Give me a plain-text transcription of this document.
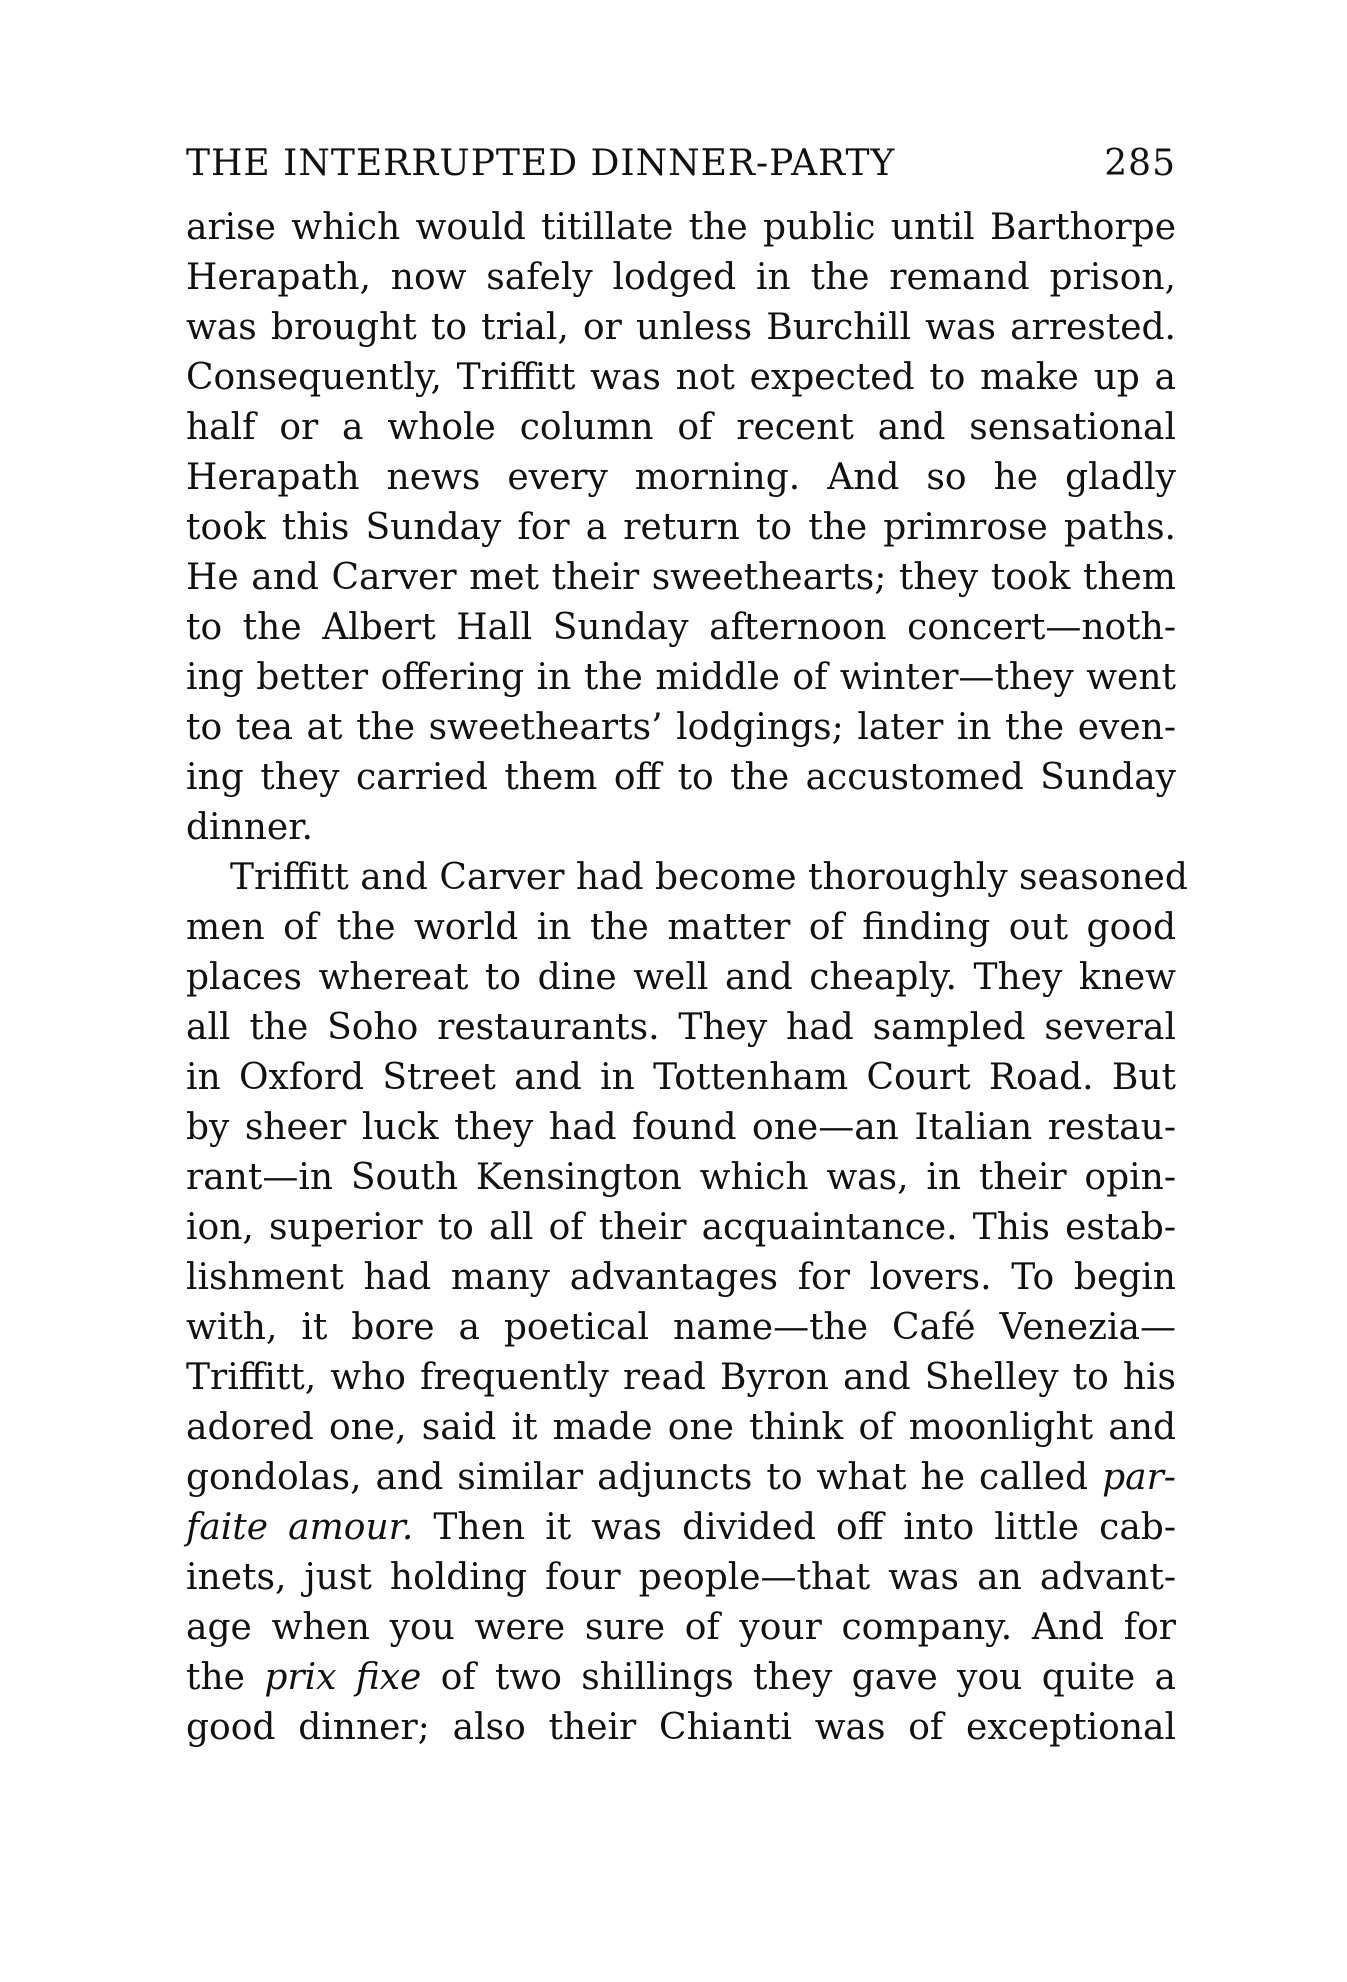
THE INTERRUPTED DINNER-PARTY	285
arise which would titillate the public until Barthorpe
Herapath, now safely lodged in the remand prison,
was brought to trial, or unless Burchill was arrested.
Consequently, Triffitt was not expected to make up a
half or a whole column of recent and sensational
Herapath news every morning. And so he gladly
took this Sunday for a return to the primrose paths.
He and Carver met their sweethearts; they took them
to the Albert Hall Sunday afternoon concert—noth-
ing better offering in the middle of winter—they went
to tea at the sweethearts’ lodgings; later in the even-
ing they carried them off to the accustomed Sunday
dinner.
Triffitt and Carver had become thoroughly seasoned
men of the world in the matter of finding out good
places whereat to dine well and cheaply. They knew
all the Soho restaurants. They had sampled several
in Oxford Street and in Tottenham Court Road. But
by sheer luck they had found one—an Italian restau-
rant—in South Kensington which was, in their opin-
ion, superior to all of their acquaintance. This estab-
lishment had many advantages for lovers. To begin
with, it bore a poetical name—the Café Venezia—
Triffitt, who frequently read Byron and Shelley to his
adored one, said it made one think of moonlight and
gondolas, and similar adjuncts to what he called par-
faite amour. Then it was divided off into little cab-
inets, just holding four people—that was an advant-
age when you were sure of your company. And for
the prix fixe of two shillings they gave you quite a
good dinner; also their Chianti was of exceptional
